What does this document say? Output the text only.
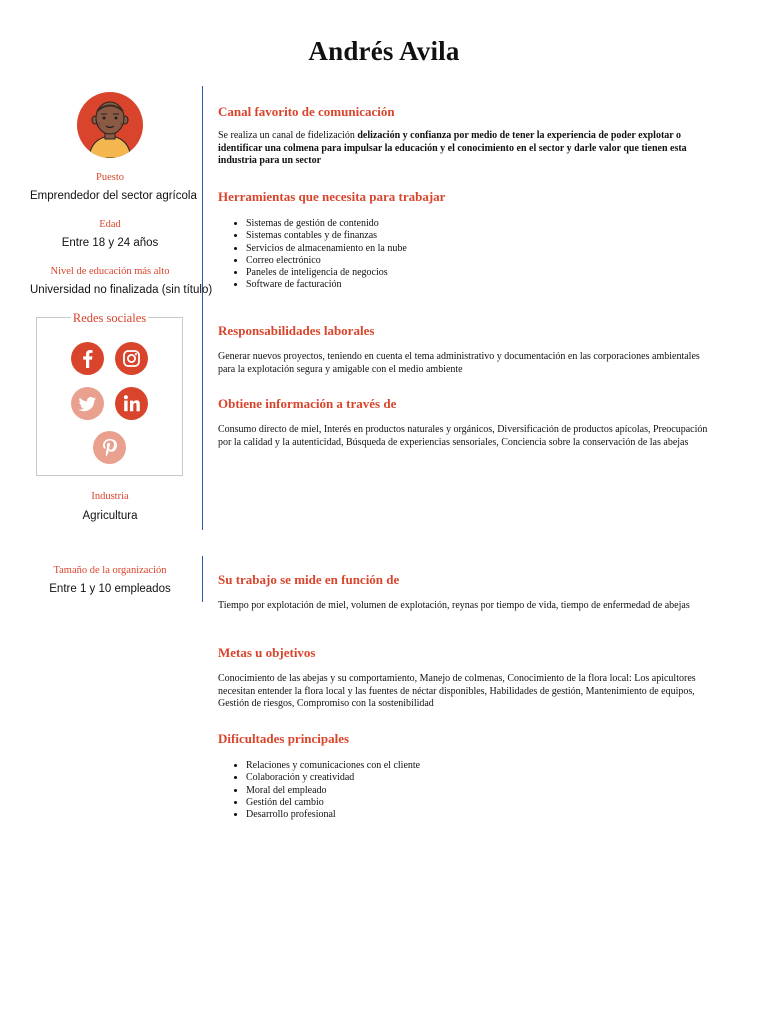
Andrés Avila
Puesto
Emprendedor del sector agrícola
Edad
Entre 18 y 24 años
Nivel de educación más alto
Universidad no finalizada (sin título)
Redes sociales
Industria
Agricultura
Tamaño de la organización
Entre 1 y 10 empleados
Canal favorito de comunicación

Se realiza un canal de fidelización delización y confianza por medio de tener la experiencia de poder explotar o identificar una colmena para impulsar la educación y el conocimiento en el sector y darle valor que tienen esta industria para un sector

Herramientas que necesita para trabajar
• Sistemas de gestión de contenido
• Sistemas contables y de finanzas
• Servicios de almacenamiento en la nube
• Correo electrónico
• Paneles de inteligencia de negocios
• Software de facturación
Responsabilidades laborales

Generar nuevos proyectos, teniendo en cuenta el tema administrativo y documentación en las corporaciones ambientales para la explotación segura y amigable con el medio ambiente

Obtiene información a través de

Consumo directo de miel, Interés en productos naturales y orgánicos, Diversificación de productos apícolas, Preocupación por la calidad y la autenticidad, Búsqueda de experiencias sensoriales, Conciencia sobre la conservación de las abejas

Su trabajo se mide en función de

Tiempo por explotación de miel, volumen de explotación, reynas por tiempo de vida, tiempo de enfermedad de abejas

Metas u objetivos

Conocimiento de las abejas y su comportamiento, Manejo de colmenas, Conocimiento de la flora local: Los apicultores necesitan entender la flora local y las fuentes de néctar disponibles, Habilidades de gestión, Mantenimiento de equipos, Gestión de riesgos, Compromiso con la sostenibilidad

Dificultades principales
• Relaciones y comunicaciones con el cliente
• Colaboración y creatividad
• Moral del empleado
• Gestión del cambio
• Desarrollo profesional
